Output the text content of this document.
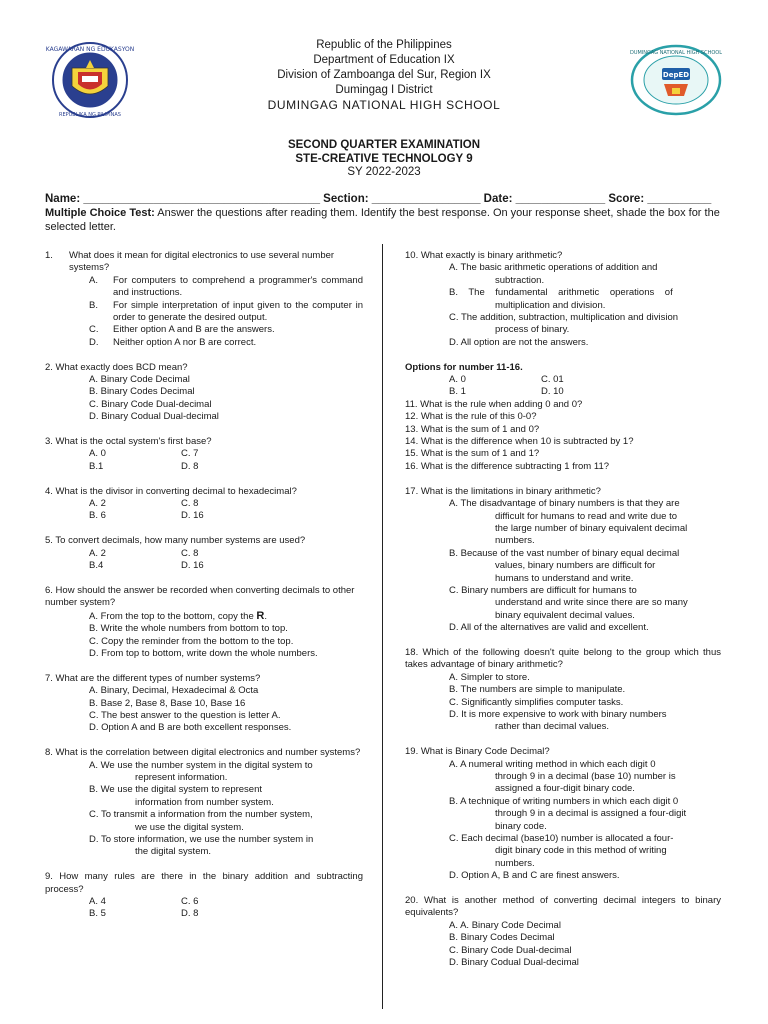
KAGAWARAN NG EDUKASYON
REPUBLIKA NG PILIPINAS
DepED
DUMINGAG NATIONAL HIGH SCHOOL
Republic of the Philippines
Department of Education IX
Division of Zamboanga del Sur, Region IX
Dumingag I District
DUMINGAG NATIONAL HIGH SCHOOL
SECOND QUARTER EXAMINATION
STE-CREATIVE TECHNOLOGY 9
SY 2022-2023
Name: _____________________________________ Section: _________________ Date: ______________ Score: __________
Multiple Choice Test: Answer the questions after reading them. Identify the best response. On your response sheet, shade the box for the selected letter.
1.	What does it mean for digital electronics to use several number systems?
A.	For computers to comprehend a programmer's command and instructions.
B.	For simple interpretation of input given to the computer in order to generate the desired output.
C.	Either option A and B are the answers.
D.	Neither option A nor B are correct.
2. What exactly does BCD mean?
A. Binary Code Decimal
B. Binary Codes Decimal
C. Binary Code Dual-decimal
D. Binary Codual Dual-decimal
3. What is the octal system's first base?
A. 0	C. 7
B.1	D. 8
4. What is the divisor in converting decimal to hexadecimal?
A. 2	C. 8
B. 6	D. 16
5. To convert decimals, how many number systems are used?
A. 2	C. 8
B.4	D. 16
6. How should the answer be recorded when converting decimals to other number system?
A. From the top to the bottom, copy the R.
B. Write the whole numbers from bottom to top.
C. Copy the reminder from the bottom to the top.
D. From top to bottom, write down the whole numbers.
7. What are the different types of number systems?
A. Binary, Decimal, Hexadecimal & Octa
B. Base 2, Base 8, Base 10, Base 16
C. The best answer to the question is letter A.
D. Option A and B are both excellent responses.
8. What is the correlation between digital electronics and number systems?
A. We use the number system in the digital system to
represent information.
B. We use the digital system to represent
information from number system.
C. To transmit a information from the number system,
we use the digital system.
D. To store information, we use the number system in
the digital system.
9. How many rules are there in the binary addition and subtracting process?
A. 4	C. 6
B. 5	D. 8
10. What exactly is binary arithmetic?
A. The basic arithmetic operations of addition and
subtraction.
B.    The    fundamental    arithmetic    operations    of
multiplication and division.
C. The addition, subtraction, multiplication and division
process of binary.
D. All option are not the answers.
Options for number 11-16.
A. 0	C. 01
B. 1	D. 10
11. What is the rule when adding 0 and 0?
12. What is the rule of this 0-0?
13. What is the sum of 1 and 0?
14. What is the difference when 10 is subtracted by 1?
15. What is the sum of 1 and 1?
16. What is the difference subtracting 1 from 11?
17. What is the limitations in binary arithmetic?
A. The disadvantage of binary numbers is that they are
difficult for humans to read and write due to
the large number of binary equivalent decimal
numbers.
B. Because of the vast number of binary equal decimal
values, binary numbers are difficult for
humans to understand and write.
C. Binary numbers are difficult for humans to
understand and write since there are so many
binary equivalent decimal values.
D. All of the alternatives are valid and excellent.
18. Which of the following doesn't quite belong to the group which thus takes advantage of binary arithmetic?
A. Simpler to store.
B. The numbers are simple to manipulate.
C. Significantly simplifies computer tasks.
D. It is more expensive to work with binary numbers
rather than decimal values.
19. What is Binary Code Decimal?
A. A numeral writing method in which each digit 0
through 9 in a decimal (base 10) number is
assigned a four-digit binary code.
B. A technique of writing numbers in which each digit 0
through 9 in a decimal is assigned a four-digit
binary code.
C. Each decimal (base10) number is allocated a four-
digit binary code in this method of writing
numbers.
D. Option A, B and C are finest answers.
20. What is another method of converting decimal integers to binary equivalents?
A. A. Binary Code Decimal
B. Binary Codes Decimal
C. Binary Code Dual-decimal
D. Binary Codual Dual-decimal
